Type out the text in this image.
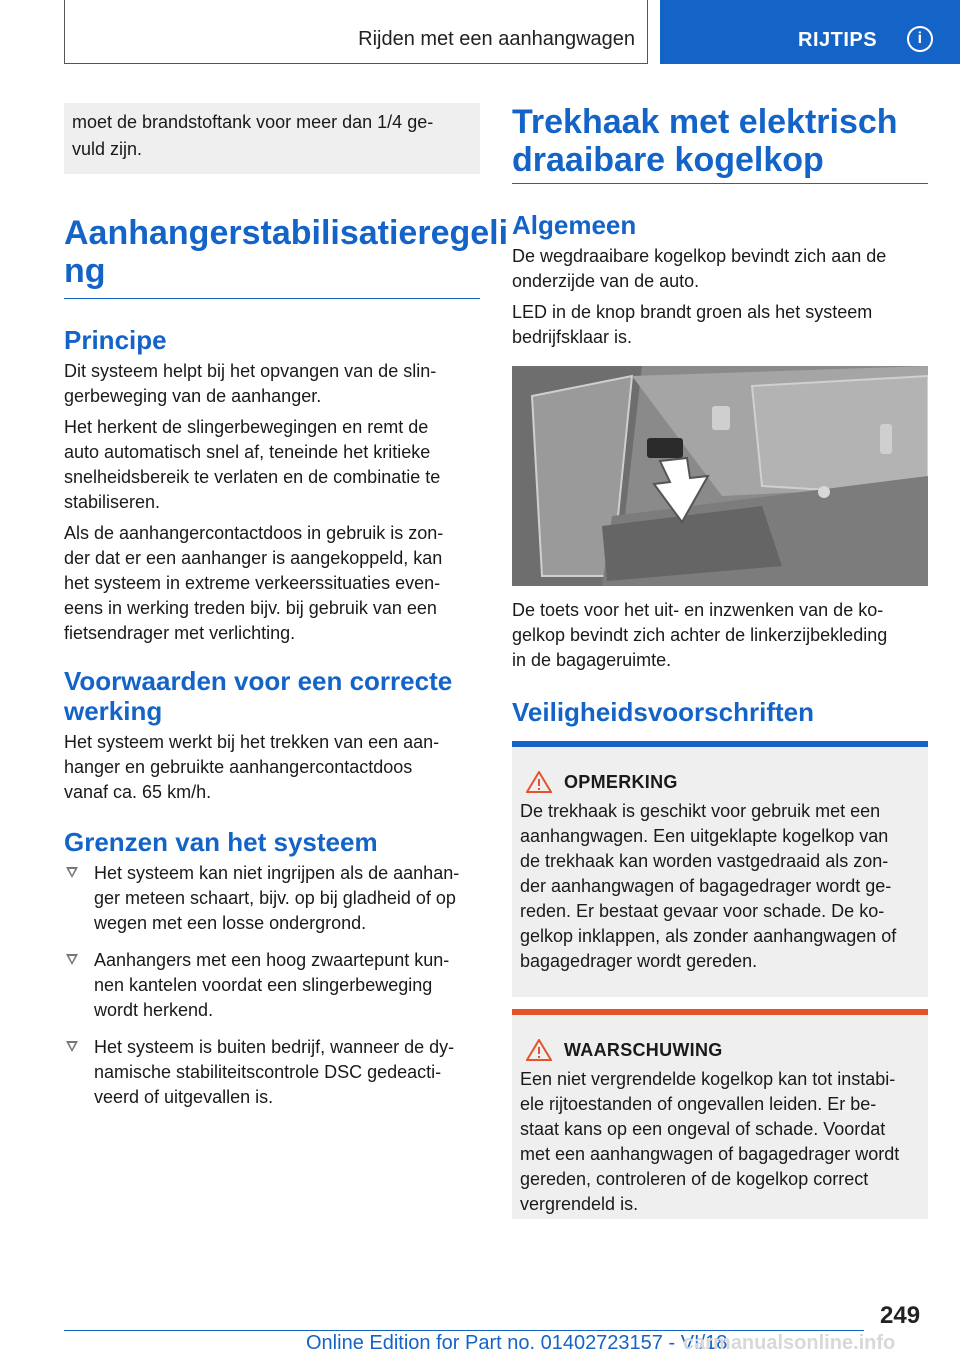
Rijden met een aanhangwagen	RIJTIPS	i
moet de brandstoftank voor meer dan 1/4 ge‐
vuld zijn.
Aanhangerstabilisatieregeli
ng
Principe

Dit systeem helpt bij het opvangen van de slin‐
gerbeweging van de aanhanger.

Het herkent de slingerbewegingen en remt de
auto automatisch snel af, teneinde het kritieke
snelheidsbereik te verlaten en de combinatie te
stabiliseren.

Als de aanhangercontactdoos in gebruik is zon‐
der dat er een aanhanger is aangekoppeld, kan
het systeem in extreme verkeerssituaties even‐
eens in werking treden bijv. bij gebruik van een
fietsendrager met verlichting.

Voorwaarden voor een correcte
werking

Het systeem werkt bij het trekken van een aan‐
hanger en gebruikte aanhangercontactdoos
vanaf ca. 65 km/h.

Grenzen van het systeem
Het systeem kan niet ingrijpen als de aanhan‐
ger meteen schaart, bijv. op bij gladheid of op
wegen met een losse ondergrond.
Aanhangers met een hoog zwaartepunt kun‐
nen kantelen voordat een slingerbeweging
wordt herkend.
Het systeem is buiten bedrijf, wanneer de dy‐
namische stabiliteitscontrole DSC gedeacti‐
veerd of uitgevallen is.
Trekhaak met elektrisch
draaibare kogelkop
Algemeen

De wegdraaibare kogelkop bevindt zich aan de
onderzijde van de auto.

LED in de knop brandt groen als het systeem
bedrijfsklaar is.

De toets voor het uit- en inzwenken van de ko‐
gelkop bevindt zich achter de linkerzijbekleding
in de bagageruimte.

Veiligheidsvoorschriften
OPMERKING

De trekhaak is geschikt voor gebruik met een
aanhangwagen. Een uitgeklapte kogelkop van
de trekhaak kan worden vastgedraaid als zon‐
der aanhangwagen of bagagedrager wordt ge‐
reden. Er bestaat gevaar voor schade. De ko‐
gelkop inklappen, als zonder aanhangwagen of
bagagedrager wordt gereden.

WAARSCHUWING

Een niet vergrendelde kogelkop kan tot instabi‐
ele rijtoestanden of ongevallen leiden. Er be‐
staat kans op een ongeval of schade. Voordat
met een aanhangwagen of bagagedrager wordt
gereden, controleren of de kogelkop correct
vergrendeld is.

249
Online Edition for Part no. 01402723157 - VI/18
carmanualsonline.info
